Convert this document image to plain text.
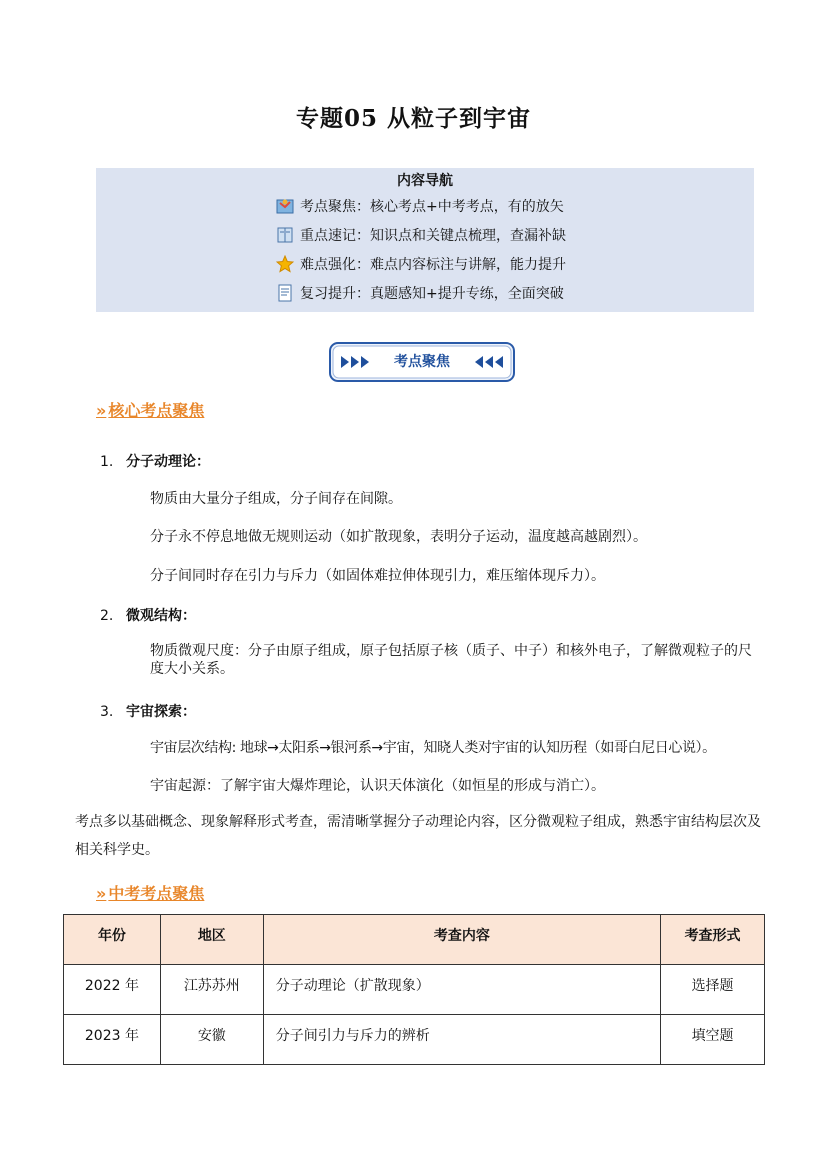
专题05 从粒子到宇宙
内容导航
考点聚焦：核心考点+中考考点，有的放矢
重点速记：知识点和关键点梳理，查漏补缺
难点强化：难点内容标注与讲解，能力提升
复习提升：真题感知+提升专练，全面突破
考点聚焦
» 核心考点聚焦
1. 分子动理论：
物质由大量分子组成，分子间存在间隙。
分子永不停息地做无规则运动（如扩散现象，表明分子运动，温度越高越剧烈）。
分子间同时存在引力与斥力（如固体难拉伸体现引力，难压缩体现斥力）。
2. 微观结构：
物质微观尺度：分子由原子组成，原子包括原子核（质子、中子）和核外电子，了解微观粒子的尺度大小关系。
3. 宇宙探索：
宇宙层次结构: 地球→太阳系→银河系→宇宙，知晓人类对宇宙的认知历程（如哥白尼日心说）。
宇宙起源：了解宇宙大爆炸理论，认识天体演化（如恒星的形成与消亡）。
考点多以基础概念、现象解释形式考查，需清晰掌握分子动理论内容，区分微观粒子组成，熟悉宇宙结构层次及相关科学史。
» 中考考点聚焦
年份	地区	考查内容	考查形式
2022 年	江苏苏州	分子动理论（扩散现象）	选择题
2023 年	安徽	分子间引力与斥力的辨析	填空题
